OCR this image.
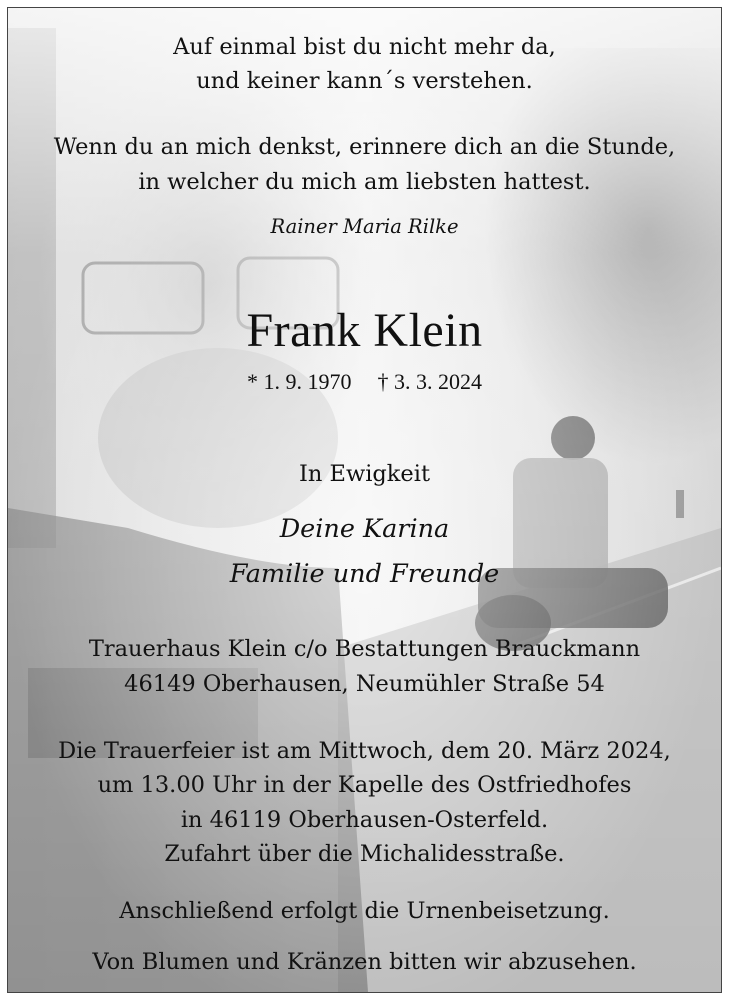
Auf einmal bist du nicht mehr da,
und keiner kann´s verstehen.
Wenn du an mich denkst, erinnere dich an die Stunde,
in welcher du mich am liebsten hattest.
Rainer Maria Rilke
Frank Klein
* 1. 9. 1970 † 3. 3. 2024
In Ewigkeit
Deine Karina
Familie und Freunde
Trauerhaus Klein c/o Bestattungen Brauckmann
46149 Oberhausen, Neumühler Straße 54
Die Trauerfeier ist am Mittwoch, dem 20. März 2024,
um 13.00 Uhr in der Kapelle des Ostfriedhofes
in 46119 Oberhausen-Osterfeld.
Zufahrt über die Michalidesstraße.
Anschließend erfolgt die Urnenbeisetzung.
Von Blumen und Kränzen bitten wir abzusehen.
